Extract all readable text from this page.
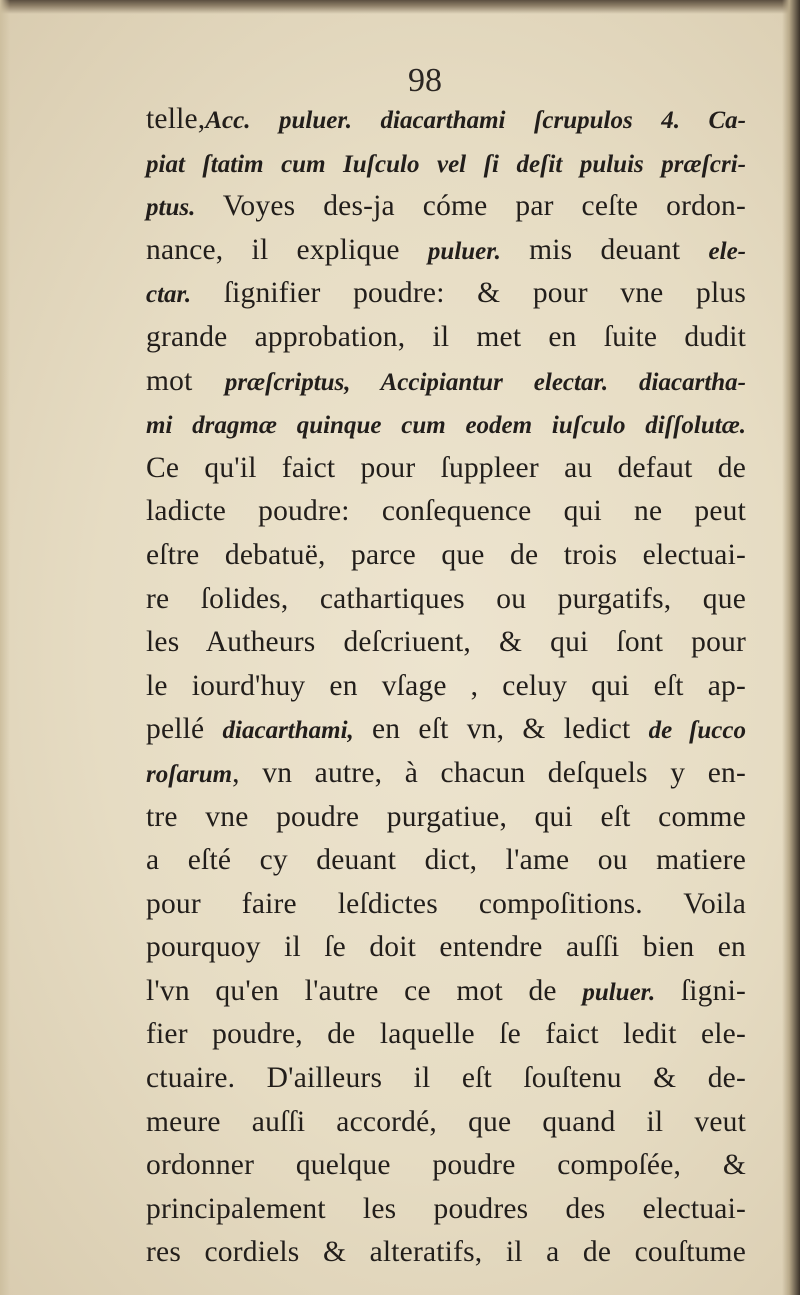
98
telle,Acc. puluer. diacarthami ſcrupulos 4. Ca-
piat ſtatim cum Iuſculo vel ſi deſit puluis præſcri-
ptus. Voyes des-ja cóme par ceſte ordon-
nance, il explique puluer. mis deuant ele-
ctar. ſignifier poudre: & pour vne plus
grande approbation, il met en ſuite dudit
mot præſcriptus, Accipiantur electar. diacartha-
mi dragmæ quinque cum eodem iuſculo diſſolutæ.
Ce qu'il faict pour ſuppleer au defaut de
ladicte poudre: conſequence qui ne peut
eſtre debatuë, parce que de trois electuai-
re ſolides, cathartiques ou purgatifs, que
les Autheurs deſcriuent, & qui ſont pour
le iourd'huy en vſage , celuy qui eſt ap-
pellé diacarthami, en eſt vn, & ledict de ſucco
roſarum, vn autre, à chacun deſquels y en-
tre vne poudre purgatiue, qui eſt comme
a eſté cy deuant dict, l'ame ou matiere
pour faire leſdictes compoſitions. Voila
pourquoy il ſe doit entendre auſſi bien en
l'vn qu'en l'autre ce mot de puluer. ſigni-
fier poudre, de laquelle ſe faict ledit ele-
ctuaire. D'ailleurs il eſt ſouſtenu & de-
meure auſſi accordé, que quand il veut
ordonner quelque poudre compoſée, &
principalement les poudres des electuai-
res cordiels & alteratifs, il a de couſtume
